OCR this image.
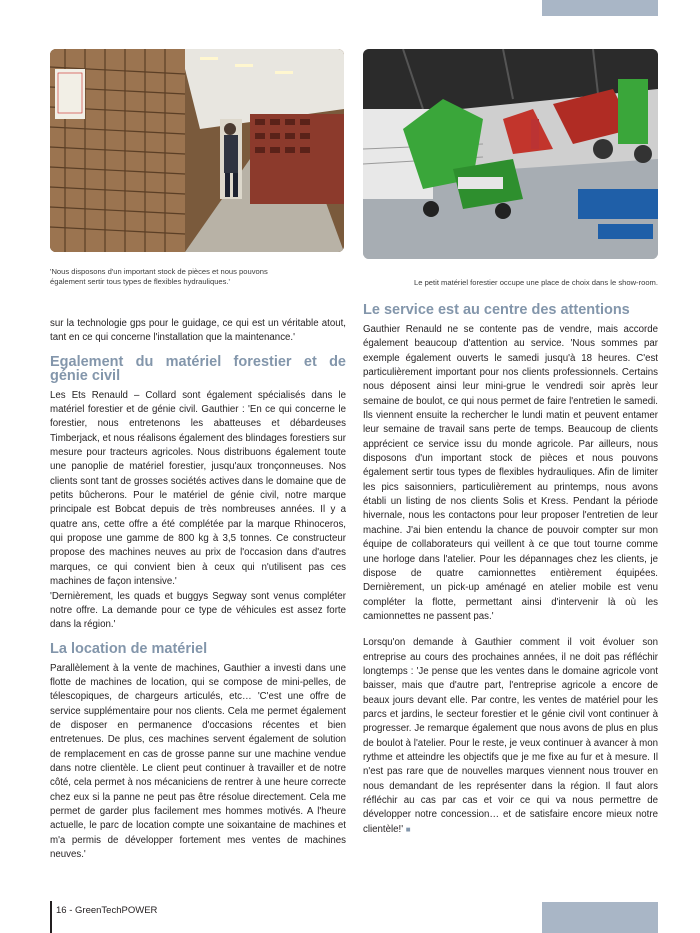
'Nous disposons d'un important stock de pièces et nous pouvons également sertir tous types de flexibles hydrauliques.'	Le petit matériel forestier occupe une place de choix dans le show-room.

sur la technologie gps pour le guidage, ce qui est un véritable atout, tant en ce qui concerne l'installation que la maintenance.'

Egalement du matériel forestier et de génie civil

Les Ets Renauld – Collard sont également spécialisés dans le matériel forestier et de génie civil. Gauthier : 'En ce qui concerne le forestier, nous entretenons les abatteuses et débardeuses Timberjack, et nous réalisons également des blindages forestiers sur mesure pour tracteurs agricoles. Nous distribuons également toute une panoplie de matériel forestier, jusqu'aux tronçonneuses. Nos clients sont tant de grosses sociétés actives dans le domaine que de petits bûcherons. Pour le matériel de génie civil, notre marque principale est Bobcat depuis de très nombreuses années. Il y a quatre ans, cette offre a été complétée par la marque Rhinoceros, qui propose une gamme de 800 kg à 3,5 tonnes. Ce constructeur propose des machines neuves au prix de l'occasion dans d'autres marques, ce qui convient bien à ceux qui n'utilisent pas ces machines de façon intensive.'

'Dernièrement, les quads et buggys Segway sont venus compléter notre offre. La demande pour ce type de véhicules est assez forte dans la région.'

La location de matériel

Parallèlement à la vente de machines, Gauthier a investi dans une flotte de machines de location, qui se compose de mini-pelles, de télescopiques, de chargeurs articulés, etc… 'C'est une offre de service supplémentaire pour nos clients. Cela me permet également de disposer en permanence d'occasions récentes et bien entretenues. De plus, ces machines servent également de solution de remplacement en cas de grosse panne sur une machine vendue dans notre clientèle. Le client peut continuer à travailler et de notre côté, cela permet à nos mécaniciens de rentrer à une heure correcte chez eux si la panne ne peut pas être résolue directement. Cela me permet de garder plus facilement mes hommes motivés. A l'heure actuelle, le parc de location compte une soixantaine de machines et m'a permis de développer fortement mes ventes de machines neuves.'

Le service est au centre des attentions

Gauthier Renauld ne se contente pas de vendre, mais accorde également beaucoup d'attention au service. 'Nous sommes par exemple également ouverts le samedi jusqu'à 18 heures. C'est particulièrement important pour nos clients professionnels. Certains nous déposent ainsi leur mini-grue le vendredi soir après leur semaine de boulot, ce qui nous permet de faire l'entretien le samedi. Ils viennent ensuite la rechercher le lundi matin et peuvent entamer leur semaine de travail sans perte de temps. Beaucoup de clients apprécient ce service issu du monde agricole. Par ailleurs, nous disposons d'un important stock de pièces et nous pouvons également sertir tous types de flexibles hydrauliques. Afin de limiter les pics saisonniers, particulièrement au printemps, nous avons établi un listing de nos clients Solis et Kress. Pendant la période hivernale, nous les contactons pour leur proposer l'entretien de leur machine. J'ai bien entendu la chance de pouvoir compter sur mon équipe de collaborateurs qui veillent à ce que tout tourne comme une horloge dans l'atelier. Pour les dépannages chez les clients, je dispose de quatre camionnettes entièrement équipées. Dernièrement, un pick-up aménagé en atelier mobile est venu compléter la flotte, permettant ainsi d'intervenir là où les camionnettes ne passent pas.'

Lorsqu'on demande à Gauthier comment il voit évoluer son entreprise au cours des prochaines années, il ne doit pas réfléchir longtemps : 'Je pense que les ventes dans le domaine agricole vont baisser, mais que d'autre part, l'entreprise agricole a encore de beaux jours devant elle. Par contre, les ventes de matériel pour les parcs et jardins, le secteur forestier et le génie civil vont continuer à progresser. Je remarque également que nous avons de plus en plus de boulot à l'atelier. Pour le reste, je veux continuer à avancer à mon rythme et atteindre les objectifs que je me fixe au fur et à mesure. Il n'est pas rare que de nouvelles marques viennent nous trouver en nous demandant de les représenter dans la région. Il faut alors réfléchir au cas par cas et voir ce qui va nous permettre de développer notre concession… et de satisfaire encore mieux notre clientèle!' ■

16 - GreenTechPOWER
